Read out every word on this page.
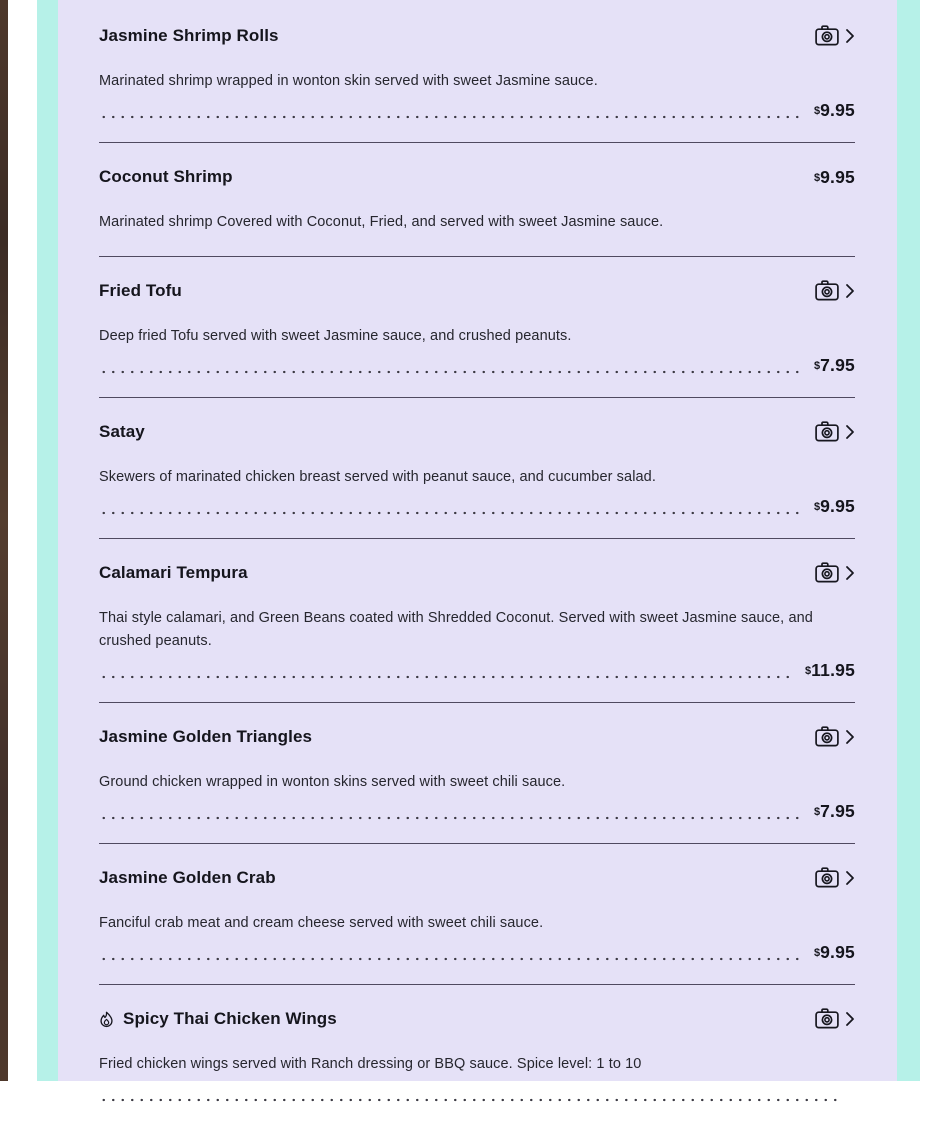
Jasmine Shrimp Rolls

Marinated shrimp wrapped in wonton skin served with sweet Jasmine sauce.

$9.95
Coconut Shrimp	$9.95

Marinated shrimp Covered with Coconut, Fried, and served with sweet Jasmine sauce.

Fried Tofu

Deep fried Tofu served with sweet Jasmine sauce, and crushed peanuts.

$7.95
Satay

Skewers of marinated chicken breast served with peanut sauce, and cucumber salad.

$9.95
Calamari Tempura

Thai style calamari, and Green Beans coated with Shredded Coconut. Served with sweet Jasmine sauce, and crushed peanuts.

$11.95
Jasmine Golden Triangles

Ground chicken wrapped in wonton skins served with sweet chili sauce.

$7.95
Jasmine Golden Crab

Fanciful crab meat and cream cheese served with sweet chili sauce.

$9.95
Spicy Thai Chicken Wings

Fried chicken wings served with Ranch dressing or BBQ sauce. Spice level: 1 to 10
